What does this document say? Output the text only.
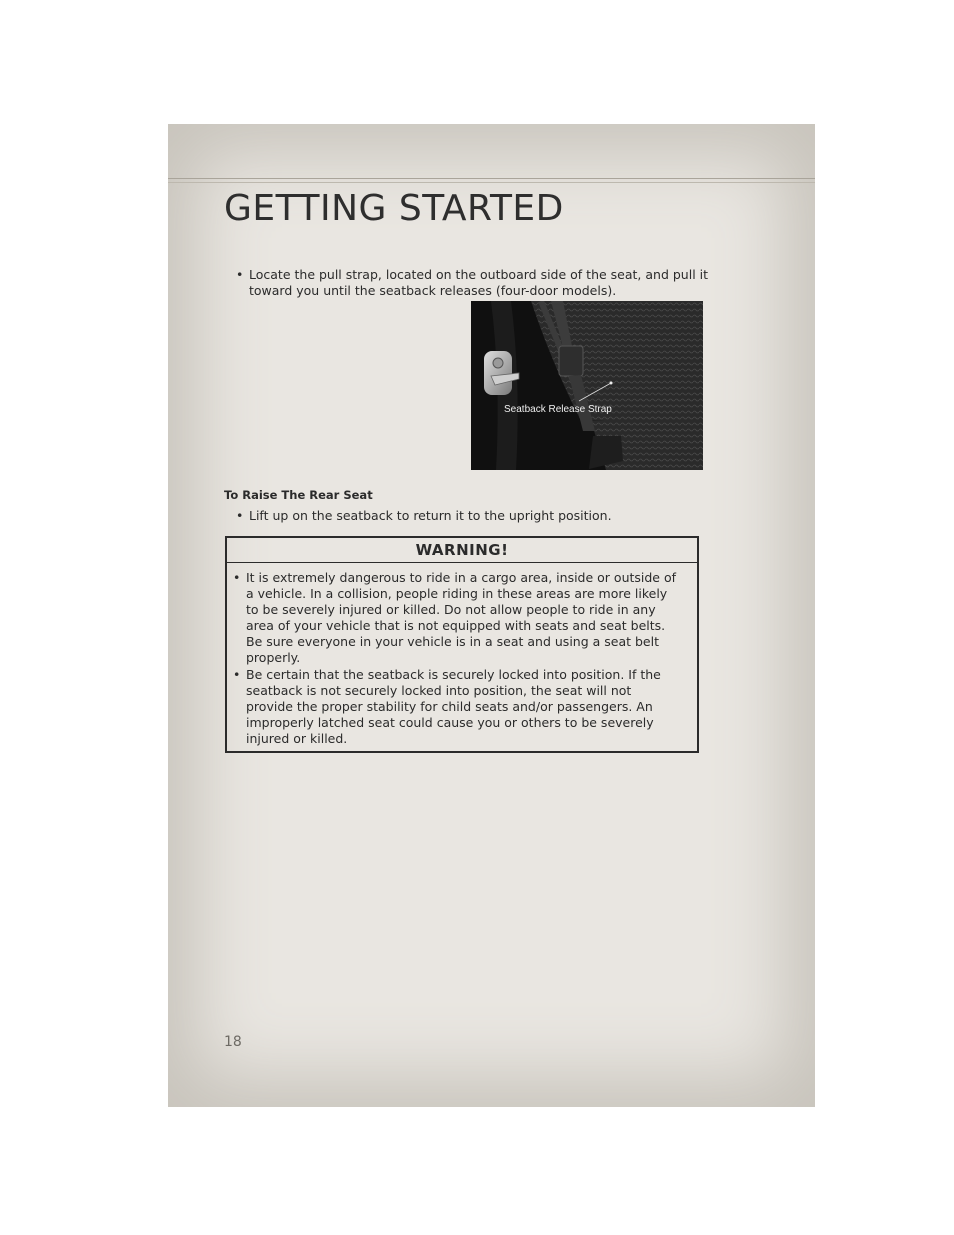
GETTING STARTED
• Locate the pull strap, located on the outboard side of the seat, and pull it
toward you until the seatback releases (four-door models).
Seatback Release Strap
To Raise The Rear Seat
• Lift up on the seatback to return it to the upright position.
WARNING!
• It is extremely dangerous to ride in a cargo area, inside or outside of
a vehicle. In a collision, people riding in these areas are more likely
to be severely injured or killed. Do not allow people to ride in any
area of your vehicle that is not equipped with seats and seat belts.
Be sure everyone in your vehicle is in a seat and using a seat belt
properly.
• Be certain that the seatback is securely locked into position. If the
seatback is not securely locked into position, the seat will not
provide the proper stability for child seats and/or passengers. An
improperly latched seat could cause you or others to be severely
injured or killed.
18
